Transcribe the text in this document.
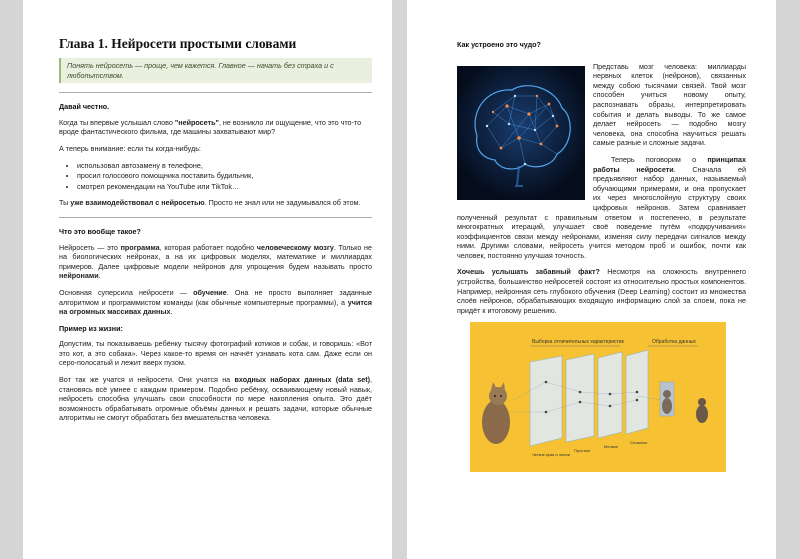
Глава 1. Нейросети простыми словами
Понять нейросеть — проще, чем кажется. Главное — начать без страха и с любопытством.
Давай честно.

Когда ты впервые услышал слово "нейросеть", не возникло ли ощущение, что это что-то вроде фантастического фильма, где машины захватывают мир?

А теперь внимание: если ты когда-нибудь:

• использовал автозамену в телефоне,
• просил голосового помощника поставить будильник,
• смотрел рекомендации на YouTube или TikTok…

Ты уже взаимодействовал с нейросетью. Просто не знал или не задумывался об этом.

Что это вообще такое?

Нейросеть — это программа, которая работает подобно человеческому мозгу. Только не на биологических нейронах, а на их цифровых моделях, математике и миллиардах примеров. Далее цифровые модели нейронов для упрощения будем называть просто нейронами.

Основная суперсила нейросети — обучение. Она не просто выполняет заданные алгоритмом и программистом команды (как обычные компьютерные программы), а учится на огромных массивах данных.

Пример из жизни:

Допустим, ты показываешь ребёнку тысячу фотографий котиков и собак, и говоришь: «Вот это кот, а это собака». Через какое-то время он начнёт узнавать кота сам. Даже если он серо-полосатый и лежит вверх пузом.

Вот так же учатся и нейросети. Они учатся на входных наборах данных (data set), становясь всё умнее с каждым примером. Подобно ребёнку, осваивающему новый навык, нейросеть способна улучшать свои способности по мере накопления опыта. Это даёт возможность обрабатывать огромные объёмы данных и решать задачи, которые обычные алгоритмы не смогут обработать без вмешательства человека.

Как устроено это чудо?

Представь мозг человека: миллиарды нервных клеток (нейронов), связанных между собою тысячами связей. Твой мозг способен учиться новому опыту, распознавать образы, интерпретировать события и делать выводы. То же самое делает нейросеть — подобно мозгу человека, она способна научиться решать самые разные и сложные задачи.

Теперь поговорим о принципах работы нейросети. Сначала ей предъявляют набор данных, называемый обучающими примерами, и она пропускает их через многослойную структуру своих цифровых нейронов. Затем сравнивает полученный результат с правильным ответом и постепенно, в результате многократных итераций, улучшает своё поведение путём «подкручивания» коэффициентов связи между нейронами, изменяя силу передачи сигналов между ними. Другими словами, нейросеть учится методом проб и ошибок, почти как человек, постоянно улучшая точность.

Хочешь услышать забавный факт? Несмотря на сложность внутреннего устройства, большинство нейросетей состоят из относительно простых компонентов. Например, нейронная сеть глубокого обучения (Deep Learning) состоит из множества слоёв нейронов, обрабатывающих входящую информацию слой за слоем, пока не придёт к итоговому решению.

Выборка отличительных характеристик	Обработка данных
Четкие края и линии
Простые
Мелкие
Сложные
